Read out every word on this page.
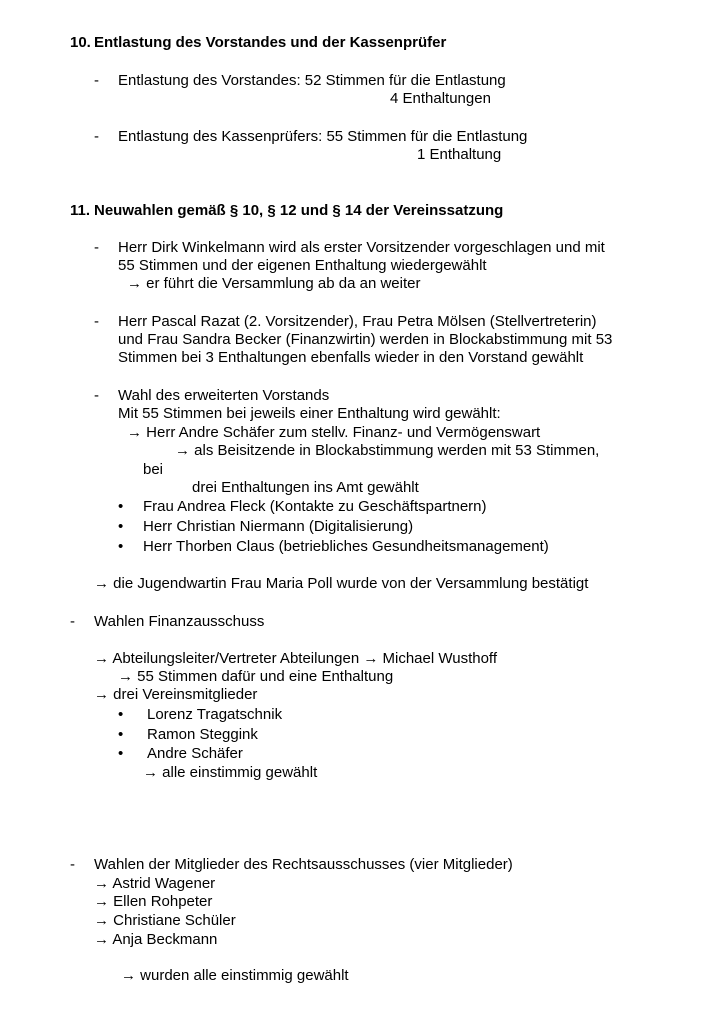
10. Entlastung des Vorstandes und der Kassenprüfer
- Entlastung des Vorstandes: 52 Stimmen für die Entlastung
4 Enthaltungen
- Entlastung des Kassenprüfers: 55 Stimmen für die Entlastung
1 Enthaltung
11. Neuwahlen gemäß § 10, § 12 und § 14 der Vereinssatzung
- Herr Dirk Winkelmann wird als erster Vorsitzender vorgeschlagen und mit
55 Stimmen und der eigenen Enthaltung wiedergewählt
→ er führt die Versammlung ab da an weiter
- Herr Pascal Razat (2. Vorsitzender), Frau Petra Mölsen (Stellvertreterin)
und Frau Sandra Becker (Finanzwirtin) werden in Blockabstimmung mit 53
Stimmen bei 3 Enthaltungen ebenfalls wieder in den Vorstand gewählt
- Wahl des erweiterten Vorstands
Mit 55 Stimmen bei jeweils einer Enthaltung wird gewählt:
→ Herr Andre Schäfer zum stellv. Finanz- und Vermögenswart
→ als Beisitzende in Blockabstimmung werden mit 53 Stimmen,
bei
drei Enthaltungen ins Amt gewählt
• Frau Andrea Fleck (Kontakte zu Geschäftspartnern)
• Herr Christian Niermann (Digitalisierung)
• Herr Thorben Claus (betriebliches Gesundheitsmanagement)
→ die Jugendwartin Frau Maria Poll wurde von der Versammlung bestätigt
- Wahlen Finanzausschuss
→ Abteilungsleiter/Vertreter Abteilungen → Michael Wusthoff
→ 55 Stimmen dafür und eine Enthaltung
→ drei Vereinsmitglieder
• Lorenz Tragatschnik
• Ramon Steggink
• Andre Schäfer
→ alle einstimmig gewählt
- Wahlen der Mitglieder des Rechtsausschusses (vier Mitglieder)
→ Astrid Wagener
→ Ellen Rohpeter
→ Christiane Schüler
→ Anja Beckmann
→ wurden alle einstimmig gewählt
